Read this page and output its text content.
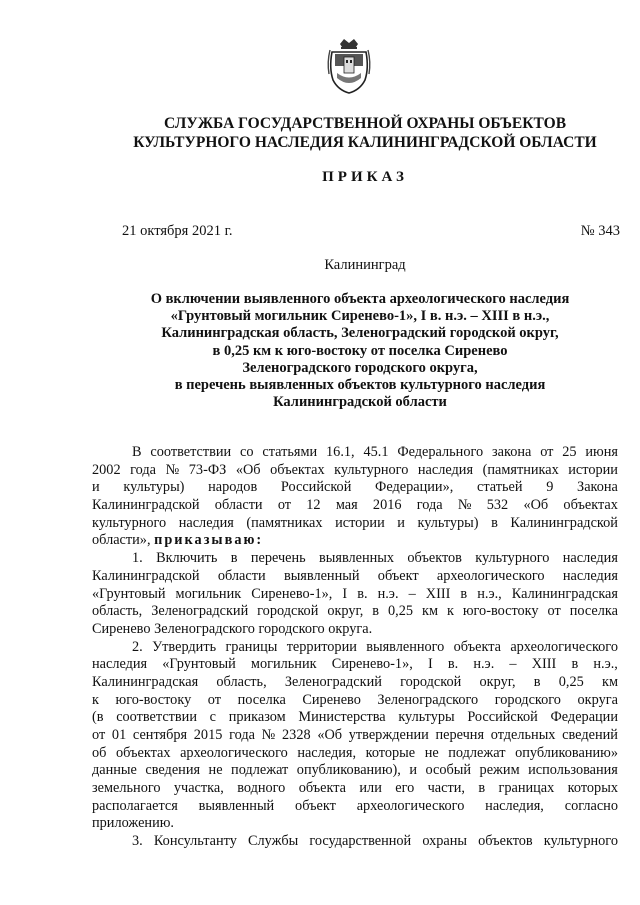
СЛУЖБА ГОСУДАРСТВЕННОЙ ОХРАНЫ ОБЪЕКТОВ
КУЛЬТУРНОГО НАСЛЕДИЯ КАЛИНИНГРАДСКОЙ ОБЛАСТИ
ПРИКАЗ
21 октября 2021 г.	№ 343
Калининград
О включении выявленного объекта археологического наследия
«Грунтовый могильник Сиренево-1», I в. н.э. – XIII в н.э.,
Калининградская область, Зеленоградский городской округ,
в 0,25 км к юго-востоку от поселка Сиренево
Зеленоградского городского округа,
в перечень выявленных объектов культурного наследия
Калининградской области
В соответствии со статьями 16.1, 45.1 Федерального закона от 25 июня
2002 года № 73-ФЗ «Об объектах культурного наследия (памятниках истории
и культуры) народов Российской Федерации», статьей 9 Закона
Калининградской области от 12 мая 2016 года № 532 «Об объектах
культурного наследия (памятниках истории и культуры) в Калининградской
области», приказываю:
1. Включить в перечень выявленных объектов культурного наследия
Калининградской области выявленный объект археологического наследия
«Грунтовый могильник Сиренево-1», I в. н.э. – XIII в н.э., Калининградская
область, Зеленоградский городской округ, в 0,25 км к юго-востоку от поселка
Сиренево Зеленоградского городского округа.
2. Утвердить границы территории выявленного объекта археологического
наследия «Грунтовый могильник Сиренево-1», I в. н.э. – XIII в н.э.,
Калининградская область, Зеленоградский городской округ, в 0,25 км
к юго-востоку от поселка Сиренево Зеленоградского городского округа
(в соответствии с приказом Министерства культуры Российской Федерации
от 01 сентября 2015 года № 2328 «Об утверждении перечня отдельных сведений
об объектах археологического наследия, которые не подлежат опубликованию»
данные сведения не подлежат опубликованию), и особый режим использования
земельного участка, водного объекта или его части, в границах которых
располагается выявленный объект археологического наследия, согласно
приложению.
3. Консультанту Службы государственной охраны объектов культурного
